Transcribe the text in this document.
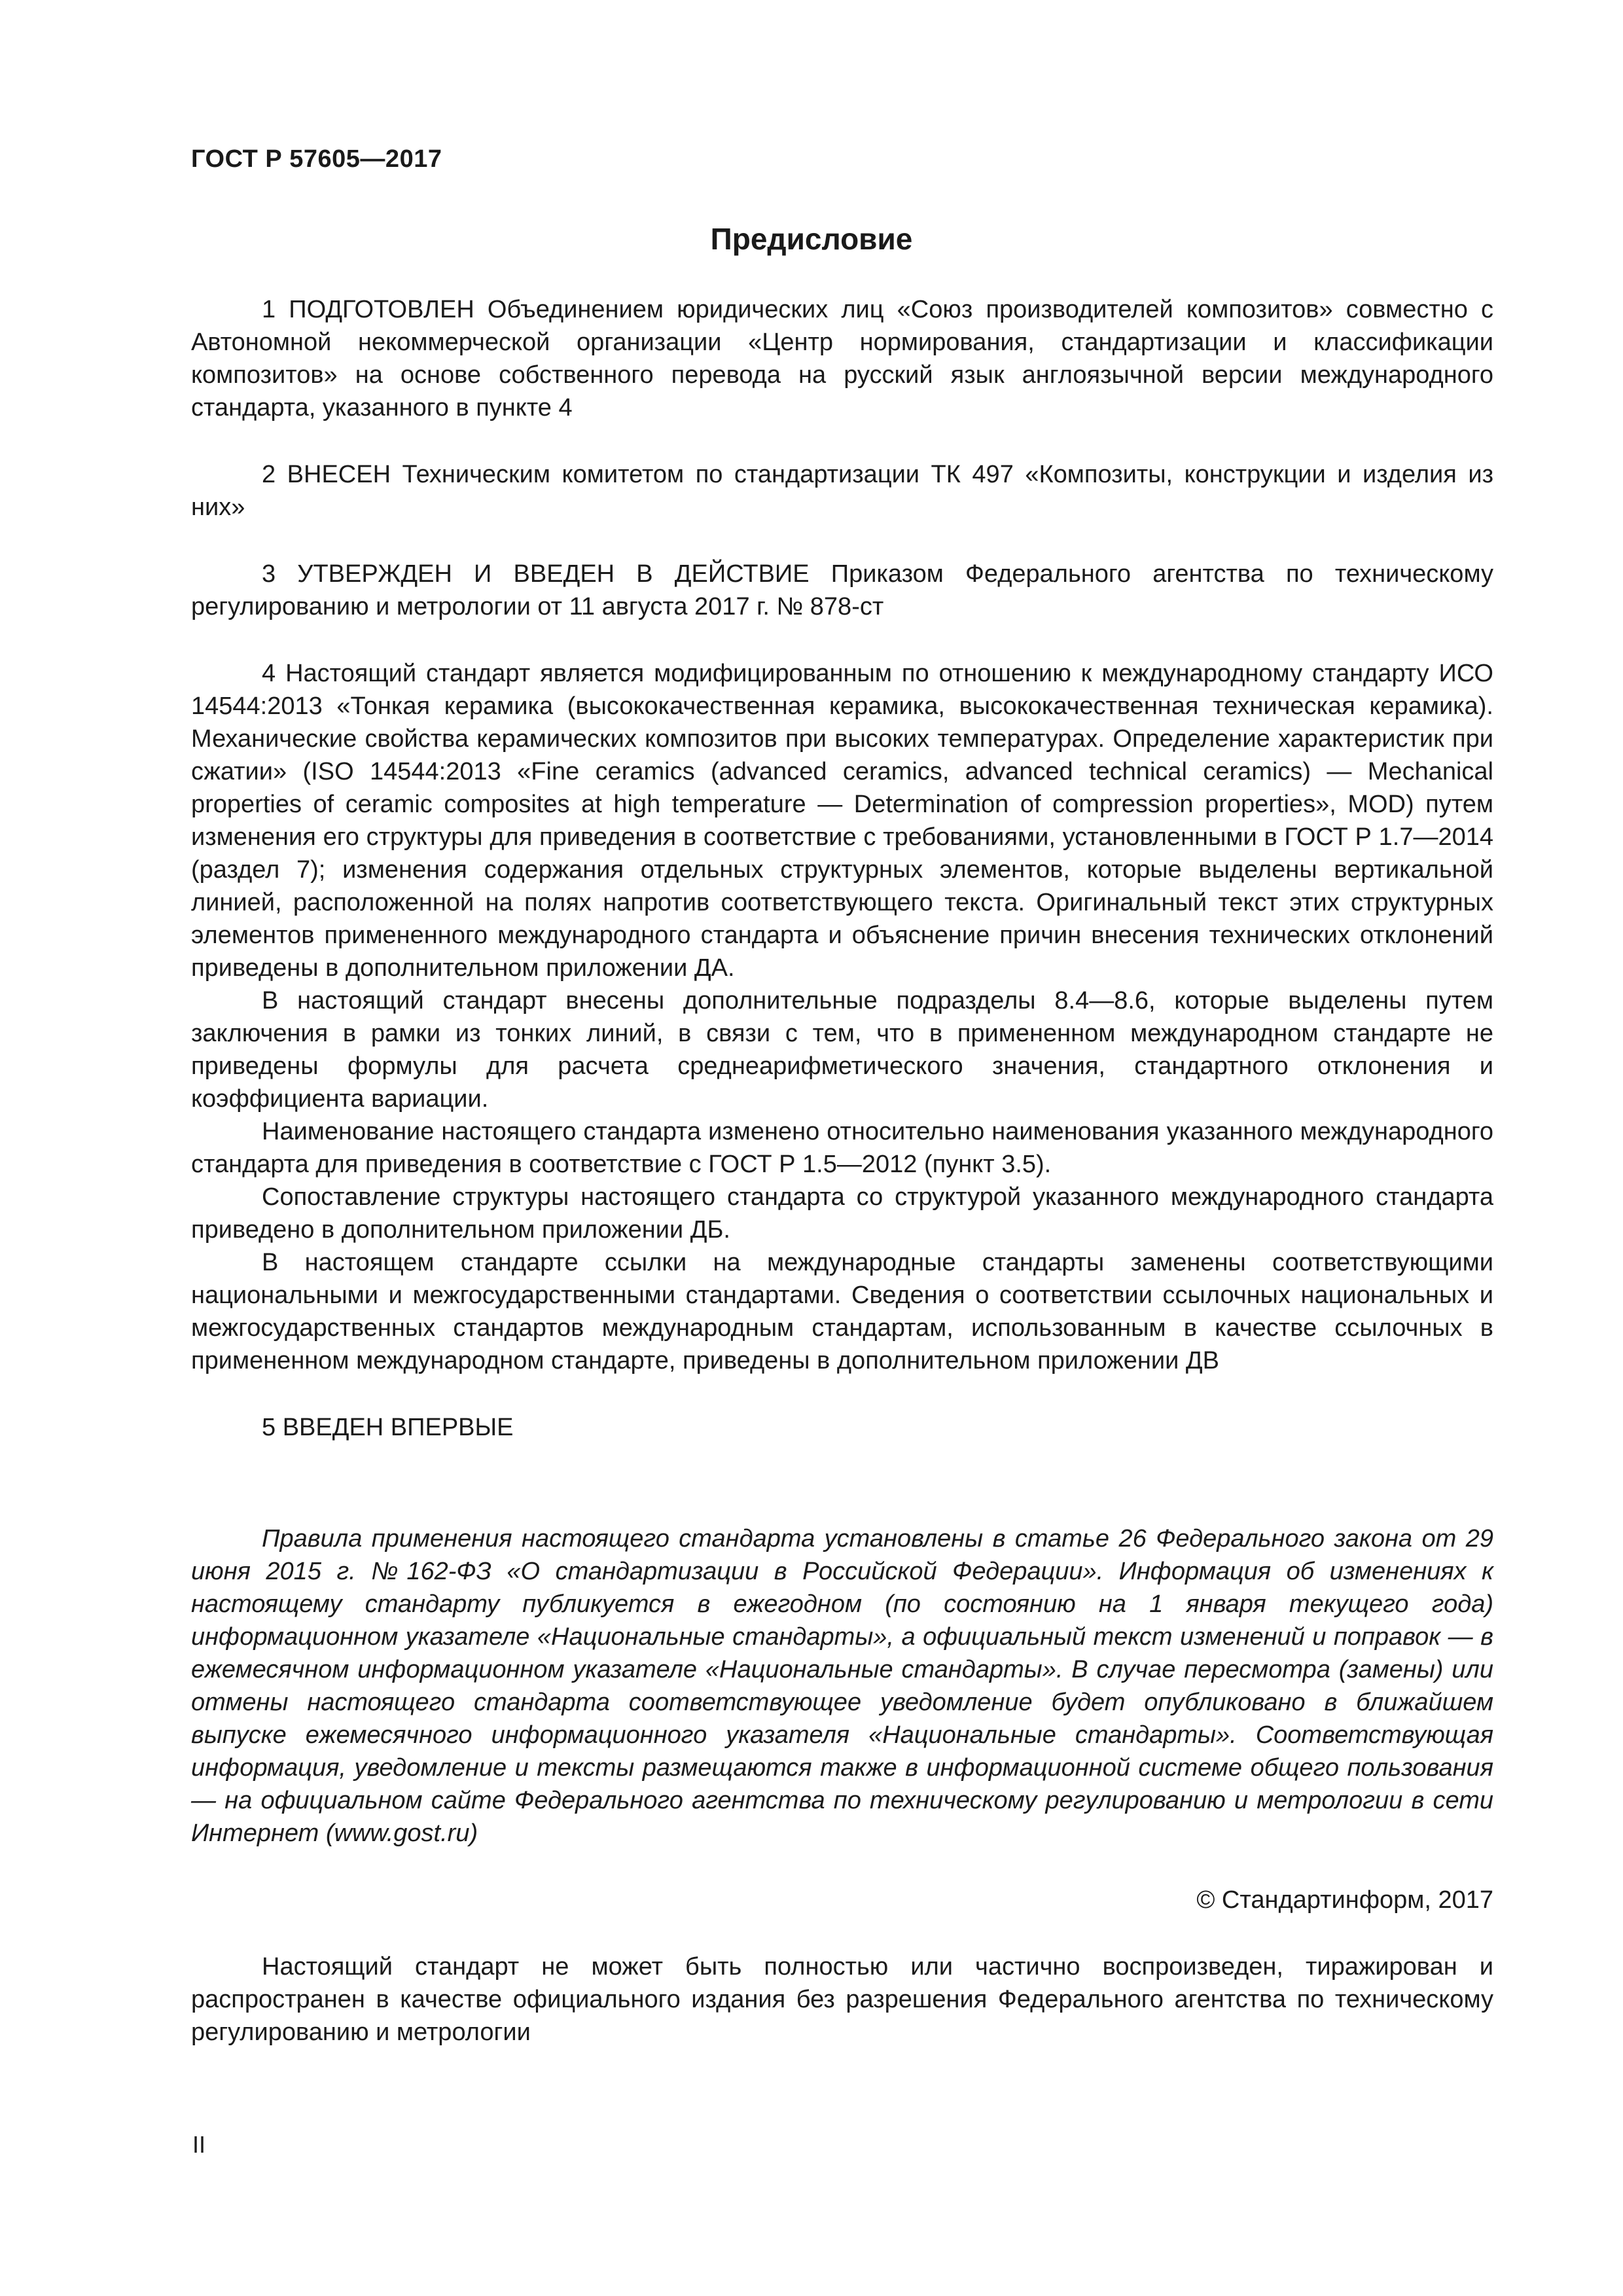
ГОСТ Р 57605—2017
Предисловие

1 ПОДГОТОВЛЕН Объединением юридических лиц «Союз производителей композитов» совместно с Автономной некоммерческой организации «Центр нормирования, стандартизации и классификации композитов» на основе собственного перевода на русский язык англоязычной версии международного стандарта, указанного в пункте 4

2 ВНЕСЕН Техническим комитетом по стандартизации ТК 497 «Композиты, конструкции и изделия из них»

3 УТВЕРЖДЕН И ВВЕДЕН В ДЕЙСТВИЕ Приказом Федерального агентства по техническому регулированию и метрологии от 11 августа 2017 г. № 878-ст

4 Настоящий стандарт является модифицированным по отношению к международному стандарту ИСО 14544:2013 «Тонкая керамика (высококачественная керамика, высококачественная техническая керамика). Механические свойства керамических композитов при высоких температурах. Определение характеристик при сжатии» (ISO 14544:2013 «Fine ceramics (advanced ceramics, advanced technical ceramics) — Mechanical properties of ceramic composites at high temperature — Determination of compression properties», MOD) путем изменения его структуры для приведения в соответствие с требованиями, установленными в ГОСТ Р 1.7—2014 (раздел 7); изменения содержания отдельных структурных элементов, которые выделены вертикальной линией, расположенной на полях напротив соответствующего текста. Оригинальный текст этих структурных элементов примененного международного стандарта и объяснение причин внесения технических отклонений приведены в дополнительном приложении ДА.

В настоящий стандарт внесены дополнительные подразделы 8.4—8.6, которые выделены путем заключения в рамки из тонких линий, в связи с тем, что в примененном международном стандарте не приведены формулы для расчета среднеарифметического значения, стандартного отклонения и коэффициента вариации.

Наименование настоящего стандарта изменено относительно наименования указанного международного стандарта для приведения в соответствие с ГОСТ Р 1.5—2012 (пункт 3.5).

Сопоставление структуры настоящего стандарта со структурой указанного международного стандарта приведено в дополнительном приложении ДБ.

В настоящем стандарте ссылки на международные стандарты заменены соответствующими национальными и межгосударственными стандартами. Сведения о соответствии ссылочных национальных и межгосударственных стандартов международным стандартам, использованным в качестве ссылочных в примененном международном стандарте, приведены в дополнительном приложении ДВ

5 ВВЕДЕН ВПЕРВЫЕ

Правила применения настоящего стандарта установлены в статье 26 Федерального закона от 29 июня 2015 г. №162-ФЗ «О стандартизации в Российской Федерации». Информация об изменениях к настоящему стандарту публикуется в ежегодном (по состоянию на 1 января текущего года) информационном указателе «Национальные стандарты», а официальный текст изменений и поправок — в ежемесячном информационном указателе «Национальные стандарты». В случае пересмотра (замены) или отмены настоящего стандарта соответствующее уведомление будет опубликовано в ближайшем выпуске ежемесячного информационного указателя «Национальные стандарты». Соответствующая информация, уведомление и тексты размещаются также в информационной системе общего пользования — на официальном сайте Федерального агентства по техническому регулированию и метрологии в сети Интернет (www.gost.ru)

© Стандартинформ, 2017

Настоящий стандарт не может быть полностью или частично воспроизведен, тиражирован и распространен в качестве официального издания без разрешения Федерального агентства по техническому регулированию и метрологии

II
